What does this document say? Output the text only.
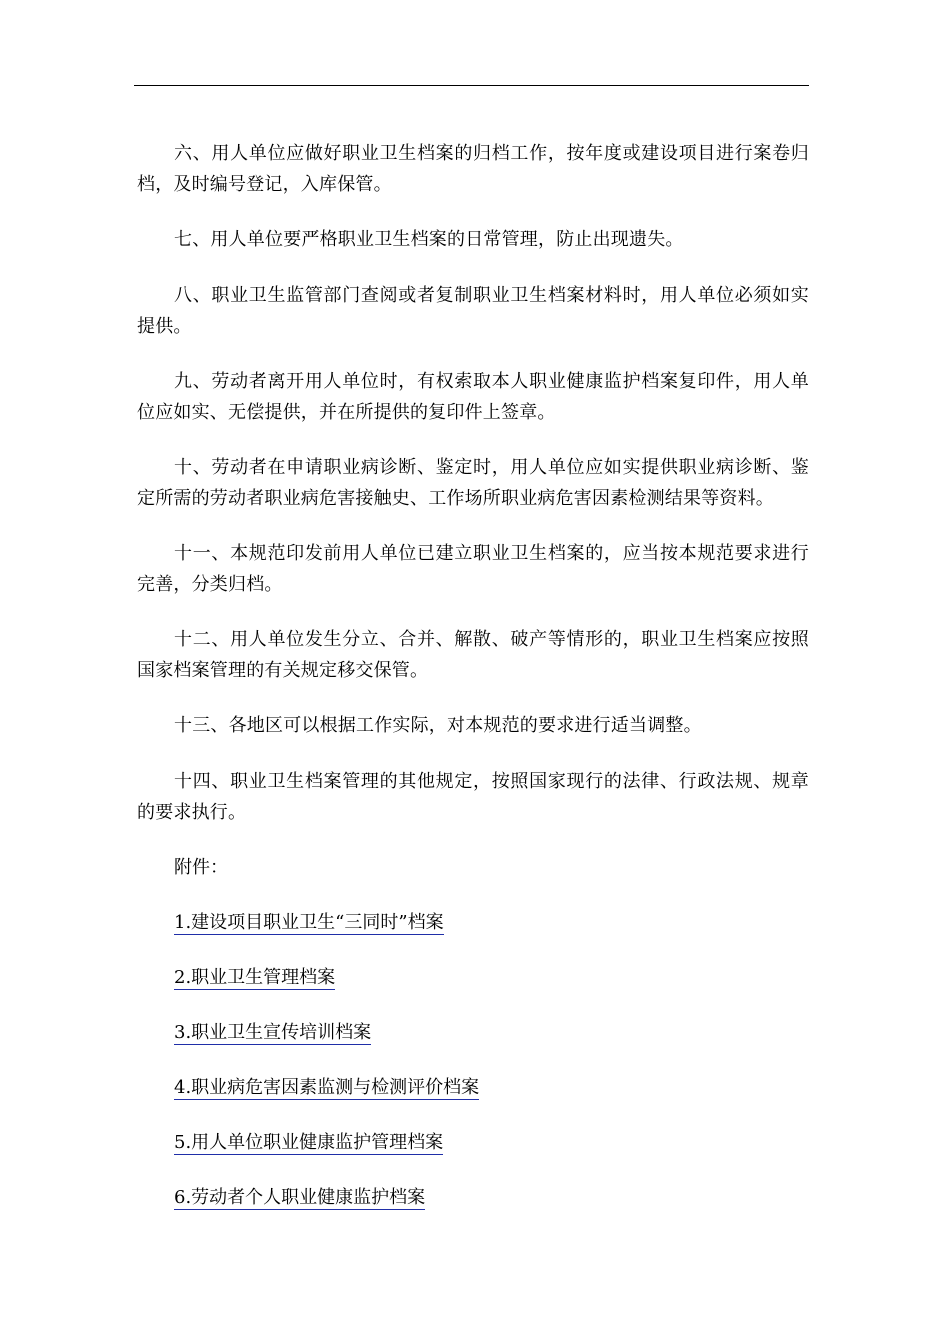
六、用人单位应做好职业卫生档案的归档工作，按年度或建设项目进行案卷归档，及时编号登记，入库保管。

七、用人单位要严格职业卫生档案的日常管理，防止出现遗失。

八、职业卫生监管部门查阅或者复制职业卫生档案材料时，用人单位必须如实提供。

九、劳动者离开用人单位时，有权索取本人职业健康监护档案复印件，用人单位应如实、无偿提供，并在所提供的复印件上签章。

十、劳动者在申请职业病诊断、鉴定时，用人单位应如实提供职业病诊断、鉴定所需的劳动者职业病危害接触史、工作场所职业病危害因素检测结果等资料。

十一、本规范印发前用人单位已建立职业卫生档案的，应当按本规范要求进行完善，分类归档。

十二、用人单位发生分立、合并、解散、破产等情形的，职业卫生档案应按照国家档案管理的有关规定移交保管。

十三、各地区可以根据工作实际，对本规范的要求进行适当调整。

十四、职业卫生档案管理的其他规定，按照国家现行的法律、行政法规、规章的要求执行。

附件：

1.建设项目职业卫生“三同时”档案
2.职业卫生管理档案
3.职业卫生宣传培训档案
4.职业病危害因素监测与检测评价档案
5.用人单位职业健康监护管理档案
6.劳动者个人职业健康监护档案
